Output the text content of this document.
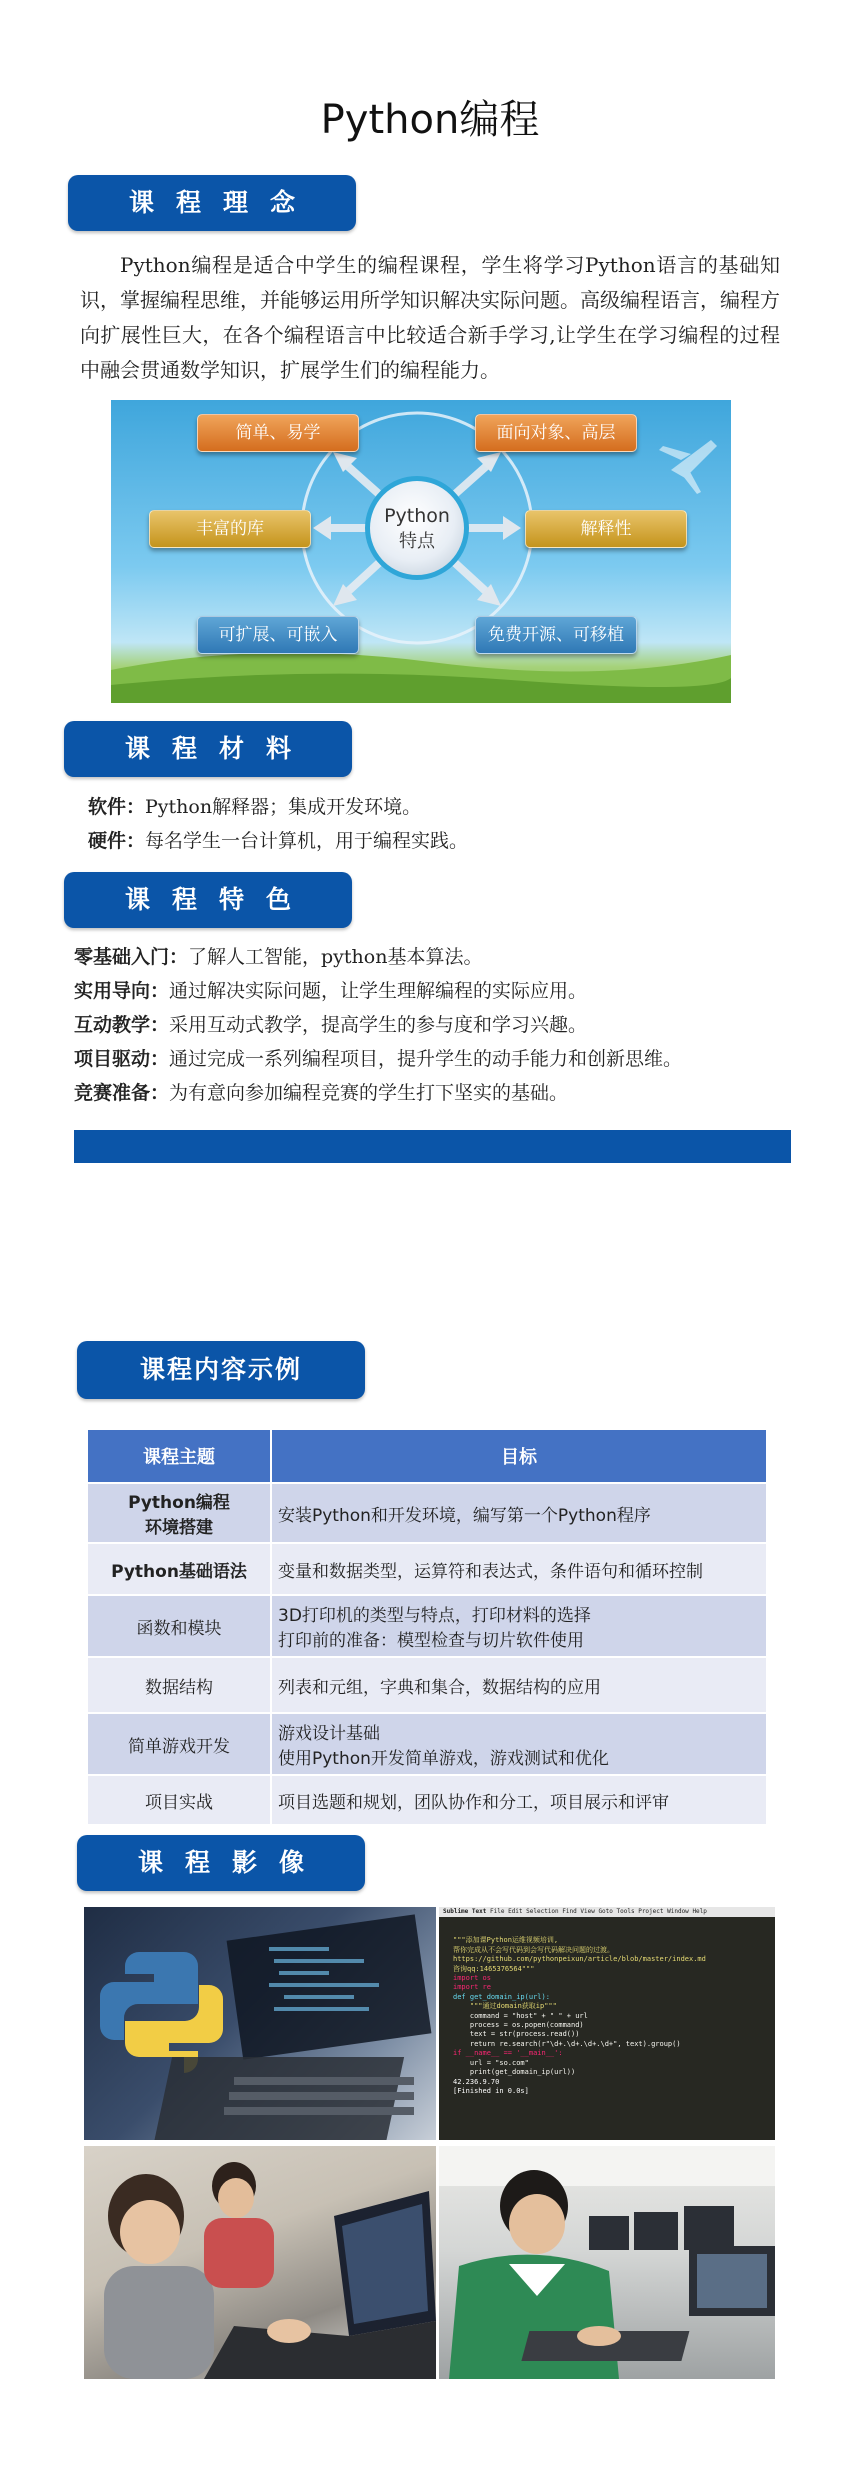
Python编程
课程理念
Python编程是适合中学生的编程课程，学生将学习Python语言的基础知识，掌握编程思维，并能够运用所学知识解决实际问题。高级编程语言，编程方向扩展性巨大，在各个编程语言中比较适合新手学习,让学生在学习编程的过程中融会贯通数学知识，扩展学生们的编程能力。
简单、易学	面向对象、高层
丰富的库	解释性
可扩展、可嵌入	免费开源、可移植
Python
特点
课程材料
软件：Python解释器；集成开发环境。
硬件：每名学生一台计算机，用于编程实践。
课程特色
零基础入门：了解人工智能，python基本算法。
实用导向：通过解决实际问题，让学生理解编程的实际应用。
互动教学：采用互动式教学，提高学生的参与度和学习兴趣。
项目驱动：通过完成一系列编程项目，提升学生的动手能力和创新思维。
竞赛准备：为有意向参加编程竞赛的学生打下坚实的基础。
课程内容示例
课程主题	目标
Python编程
环境搭建	安装Python和开发环境，编写第一个Python程序
Python基础语法	变量和数据类型，运算符和表达式，条件语句和循环控制
函数和模块	3D打印机的类型与特点，打印材料的选择
打印前的准备：模型检查与切片软件使用
数据结构	列表和元组，字典和集合，数据结构的应用
简单游戏开发	游戏设计基础
使用Python开发简单游戏，游戏测试和优化
项目实战	项目选题和规划，团队协作和分工，项目展示和评审
课程影像
Sublime Text File Edit Selection Find View Goto Tools Project Window Help

"""添加课Python运维视频培训,
帮你完成从不会写代码到会写代码解决问题的过渡。
https://github.com/pythonpeixun/article/blob/master/index.md
咨询qq:1465376564"""
import os
import re
def get_domain_ip(url):
"""通过domain获取ip"""
command = "host" + " " + url
process = os.popen(command)
text = str(process.read())
return re.search(r"\d+.\d+.\d+.\d+", text).group()
if __name__ == '__main__':
url = "so.com"
print(get_domain_ip(url))
42.236.9.70
[Finished in 0.0s]
